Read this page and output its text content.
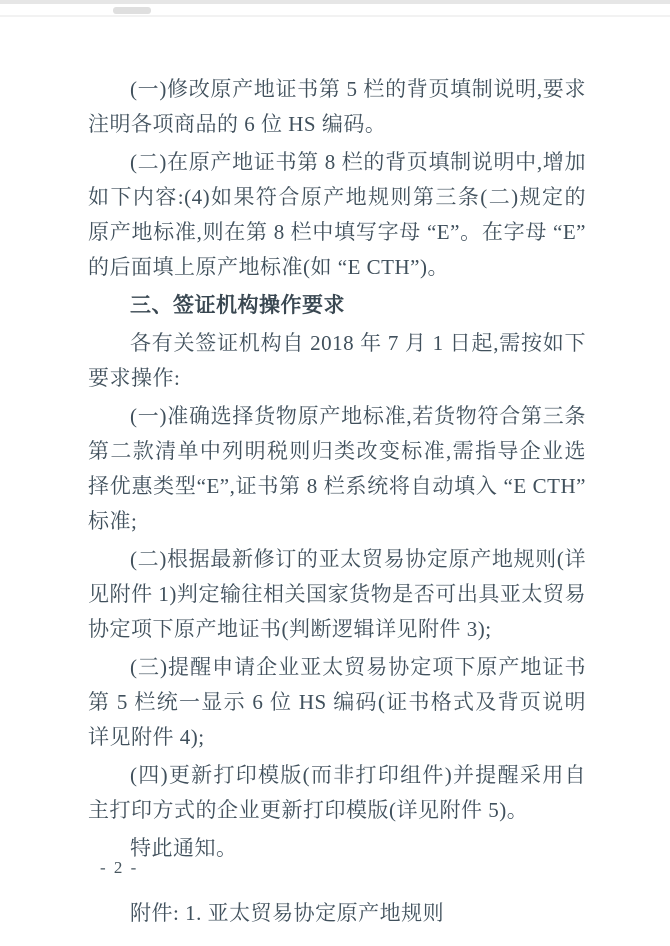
(一)修改原产地证书第 5 栏的背页填制说明,要求注明各项商品的 6 位 HS 编码。

(二)在原产地证书第 8 栏的背页填制说明中,增加如下内容:(4)如果符合原产地规则第三条(二)规定的原产地标准,则在第 8 栏中填写字母 “E”。在字母 “E” 的后面填上原产地标准(如 “E CTH”)。

三、签证机构操作要求

各有关签证机构自 2018 年 7 月 1 日起,需按如下要求操作:

(一)准确选择货物原产地标准,若货物符合第三条第二款清单中列明税则归类改变标准,需指导企业选择优惠类型“E”,证书第 8 栏系统将自动填入 “E CTH” 标准;

(二)根据最新修订的亚太贸易协定原产地规则(详见附件 1)判定输往相关国家货物是否可出具亚太贸易协定项下原产地证书(判断逻辑详见附件 3);

(三)提醒申请企业亚太贸易协定项下原产地证书第 5 栏统一显示 6 位 HS 编码(证书格式及背页说明详见附件 4);

(四)更新打印模版(而非打印组件)并提醒采用自主打印方式的企业更新打印模版(详见附件 5)。

特此通知。

附件: 1. 亚太贸易协定原产地规则

- 2 -
